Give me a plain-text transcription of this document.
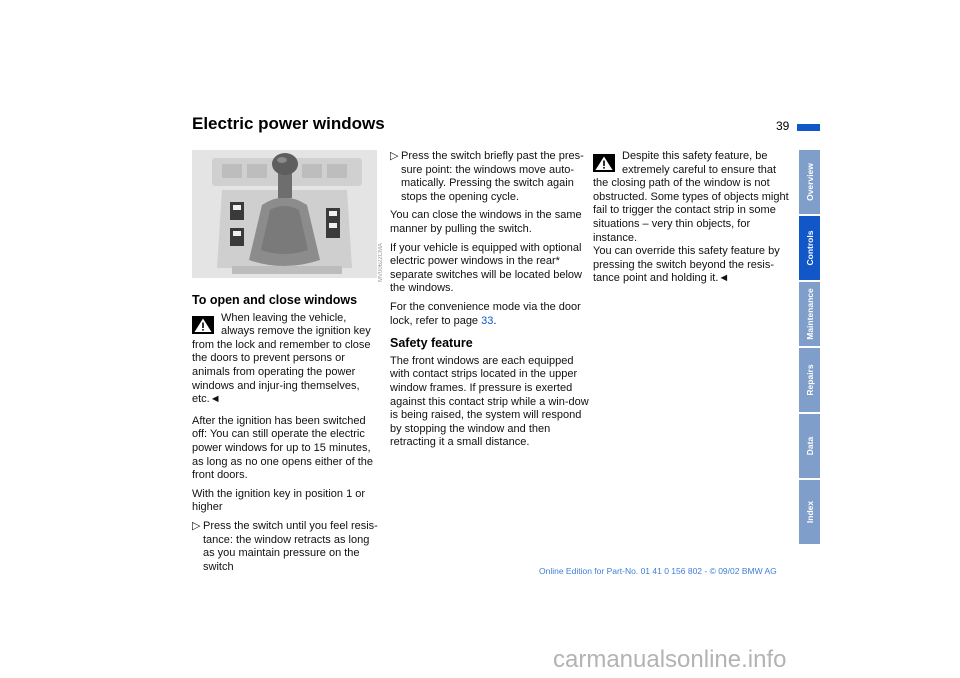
Electric power windows	39
MV00622CMA
To open and close windows

When leaving the vehicle, always remove the ignition key from the lock and remember to close the doors to prevent persons or animals from operating the power windows and injur-ing themselves, etc.◄

After the ignition has been switched off: You can still operate the electric power windows for up to 15 minutes, as long as no one opens either of the front doors.

With the ignition key in position 1 or higher

▷ Press the switch until you feel resis-tance: the window retracts as long as you maintain pressure on the switch

▷ Press the switch briefly past the pres-sure point: the windows move auto-matically. Pressing the switch again stops the opening cycle.

You can close the windows in the same manner by pulling the switch.

If your vehicle is equipped with optional electric power windows in the rear* separate switches will be located below the windows.

For the convenience mode via the door lock, refer to page 33.

Safety feature

The front windows are each equipped with contact strips located in the upper window frames. If pressure is exerted against this contact strip while a win-dow is being raised, the system will respond by stopping the window and then retracting it a small distance.

Despite this safety feature, be extremely careful to ensure that the closing path of the window is not obstructed. Some types of objects might fail to trigger the contact strip in some situations – very thin objects, for instance.

You can override this safety feature by pressing the switch beyond the resis-tance point and holding it.◄

Overview
Controls
Maintenance
Repairs
Data
Index
Online Edition for Part-No. 01 41 0 156 802 - © 09/02 BMW AG
carmanualsonline.info
